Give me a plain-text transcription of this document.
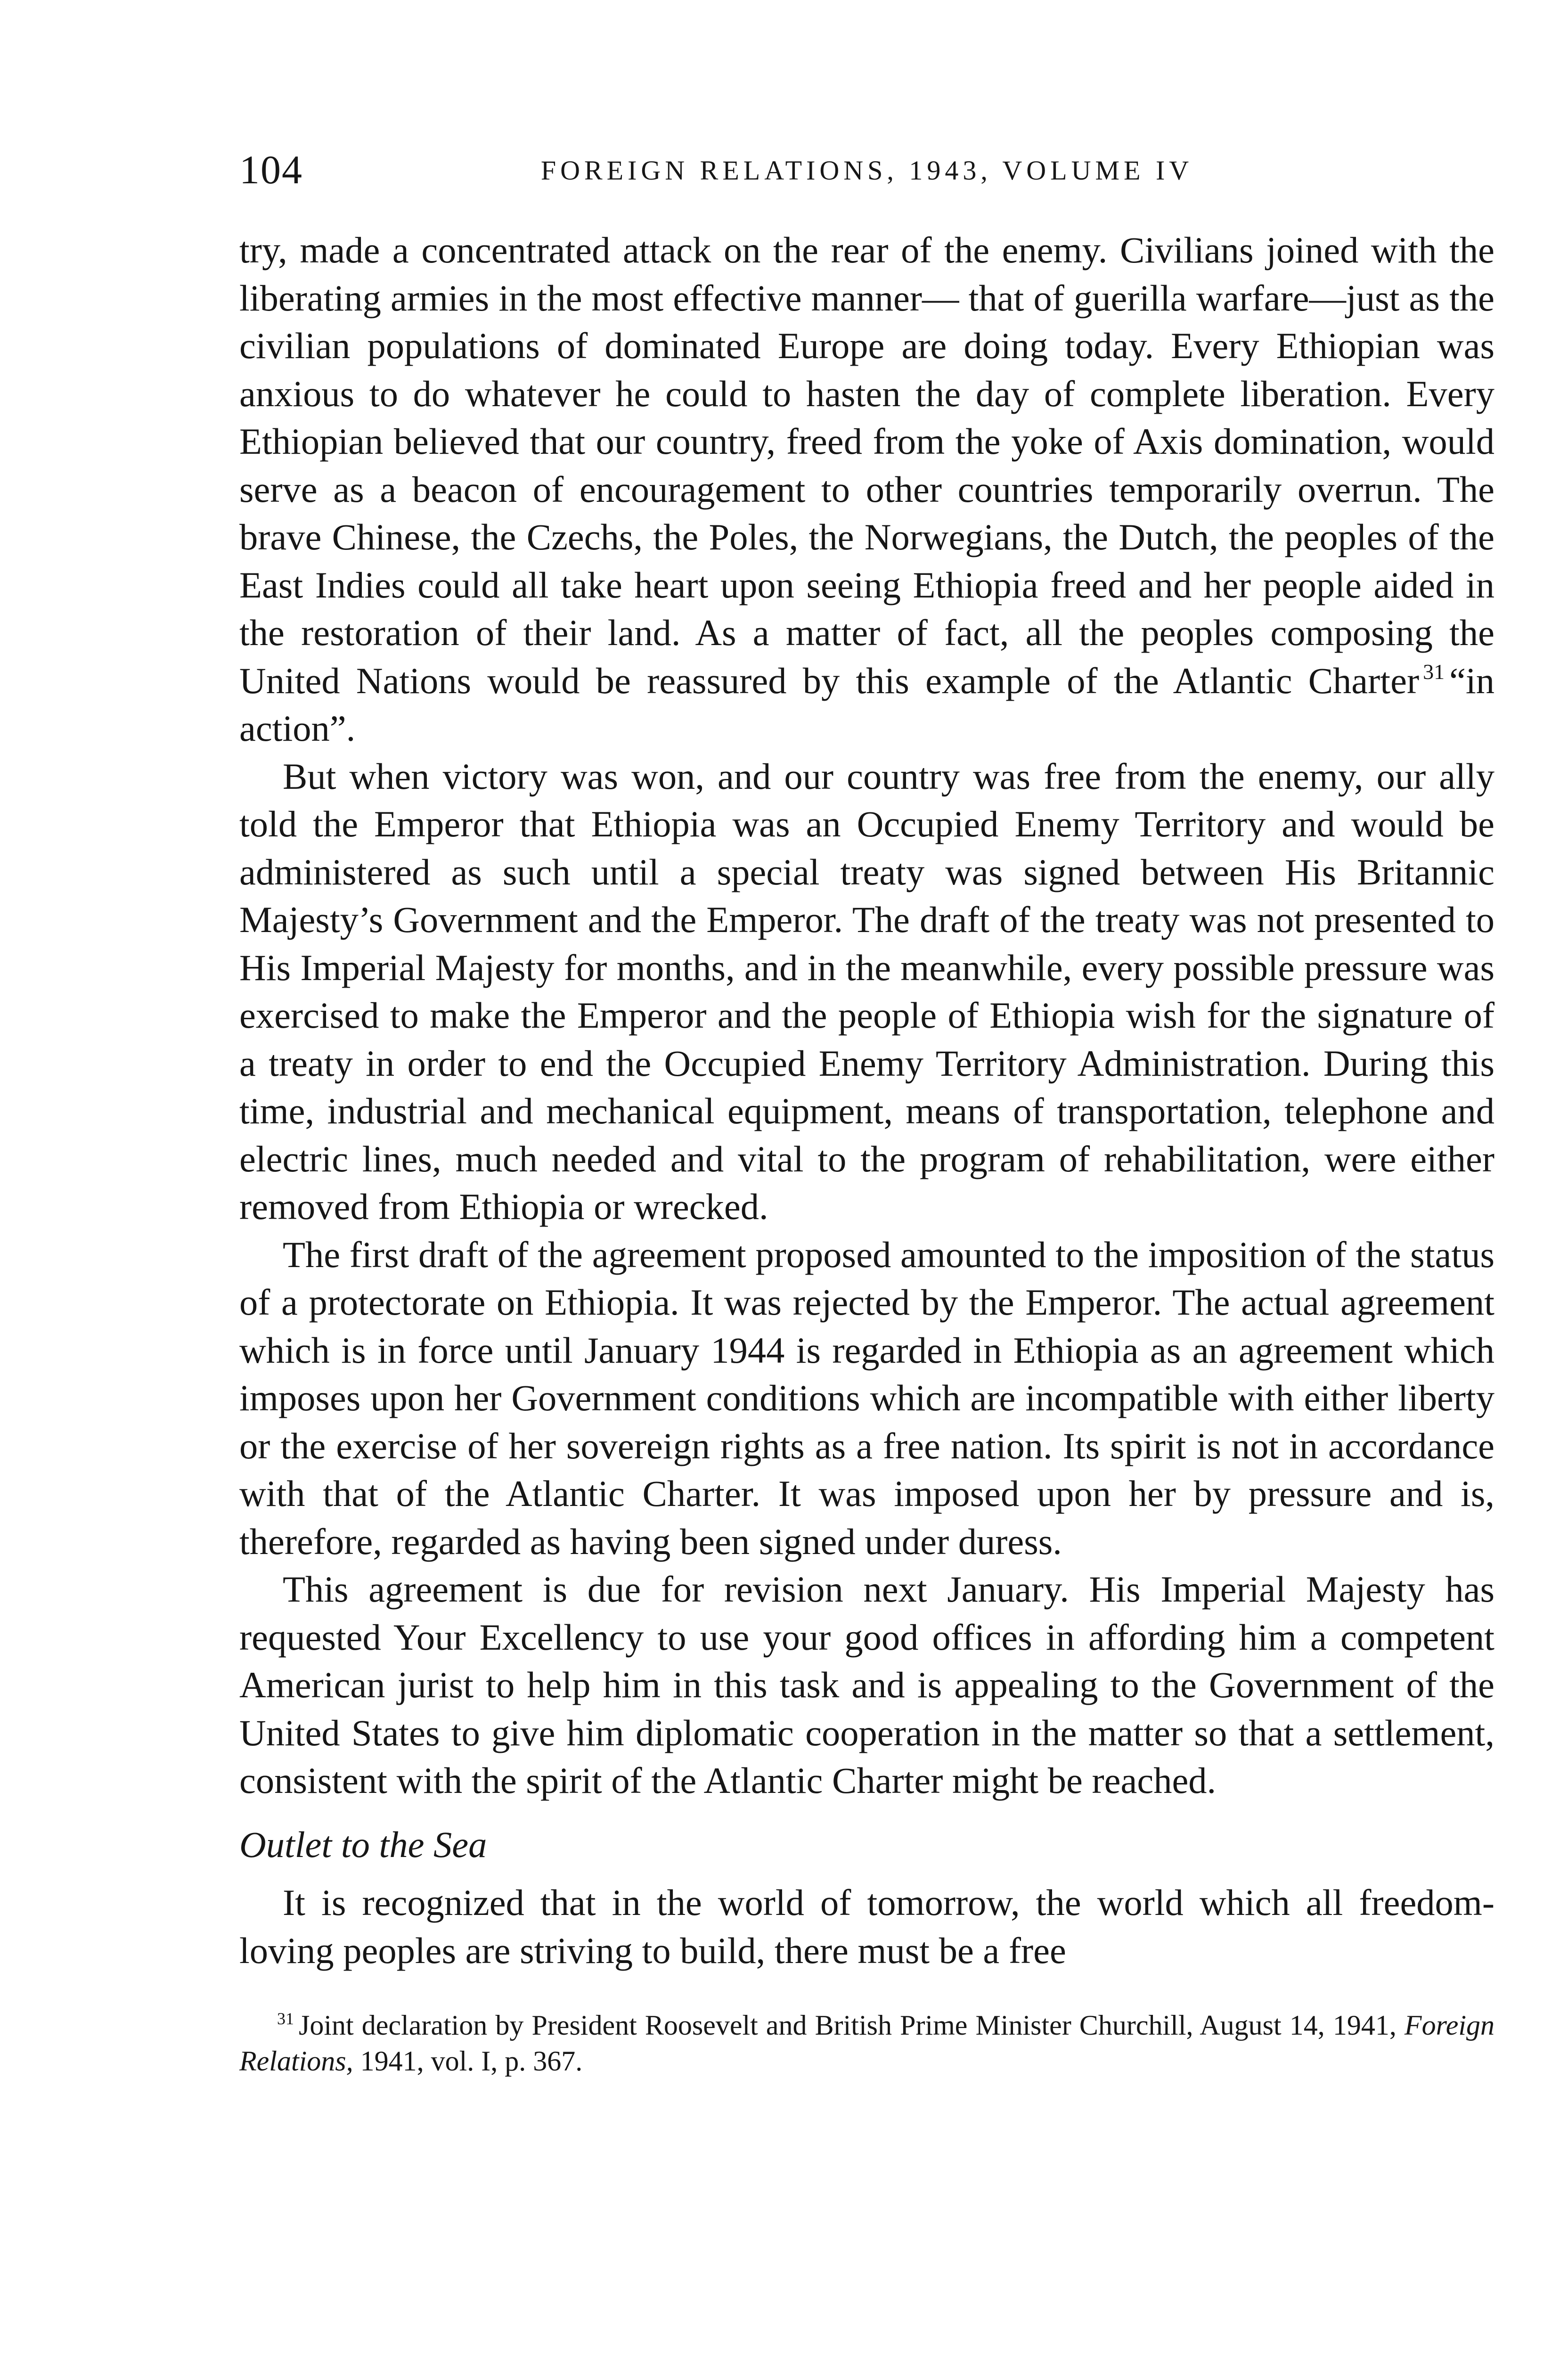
104	FOREIGN RELATIONS, 1943, VOLUME IV

try, made a concentrated attack on the rear of the enemy. Civilians joined with the liberating armies in the most effective manner— that of guerilla warfare—just as the civilian populations of dominated Europe are doing today. Every Ethiopian was anxious to do whatever he could to hasten the day of complete liberation. Every Ethiopian believed that our country, freed from the yoke of Axis domination, would serve as a beacon of encouragement to other countries temporarily overrun. The brave Chinese, the Czechs, the Poles, the Norwegians, the Dutch, the peoples of the East Indies could all take heart upon seeing Ethiopia freed and her people aided in the restoration of their land. As a matter of fact, all the peoples composing the United Nations would be reassured by this example of the Atlantic Charter $^{31}$ “in action”.

But when victory was won, and our country was free from the enemy, our ally told the Emperor that Ethiopia was an Occupied Enemy Territory and would be administered as such until a special treaty was signed between His Britannic Majesty’s Government and the Emperor. The draft of the treaty was not presented to His Imperial Majesty for months, and in the meanwhile, every possible pressure was exercised to make the Emperor and the people of Ethiopia wish for the signature of a treaty in order to end the Occupied Enemy Territory Administration. During this time, industrial and mechanical equipment, means of transportation, telephone and electric lines, much needed and vital to the program of rehabilitation, were either removed from Ethiopia or wrecked.

The first draft of the agreement proposed amounted to the imposition of the status of a protectorate on Ethiopia. It was rejected by the Emperor. The actual agreement which is in force until January 1944 is regarded in Ethiopia as an agreement which imposes upon her Government conditions which are incompatible with either liberty or the exercise of her sovereign rights as a free nation. Its spirit is not in accordance with that of the Atlantic Charter. It was imposed upon her by pressure and is, therefore, regarded as having been signed under duress.

This agreement is due for revision next January. His Imperial Majesty has requested Your Excellency to use your good offices in affording him a competent American jurist to help him in this task and is appealing to the Government of the United States to give him diplomatic cooperation in the matter so that a settlement, consistent with the spirit of the Atlantic Charter might be reached.

Outlet to the Sea

It is recognized that in the world of tomorrow, the world which all freedom-loving peoples are striving to build, there must be a free

$^{31}$ Joint declaration by President Roosevelt and British Prime Minister Churchill, August 14, 1941, Foreign Relations, 1941, vol. I, p. 367.
